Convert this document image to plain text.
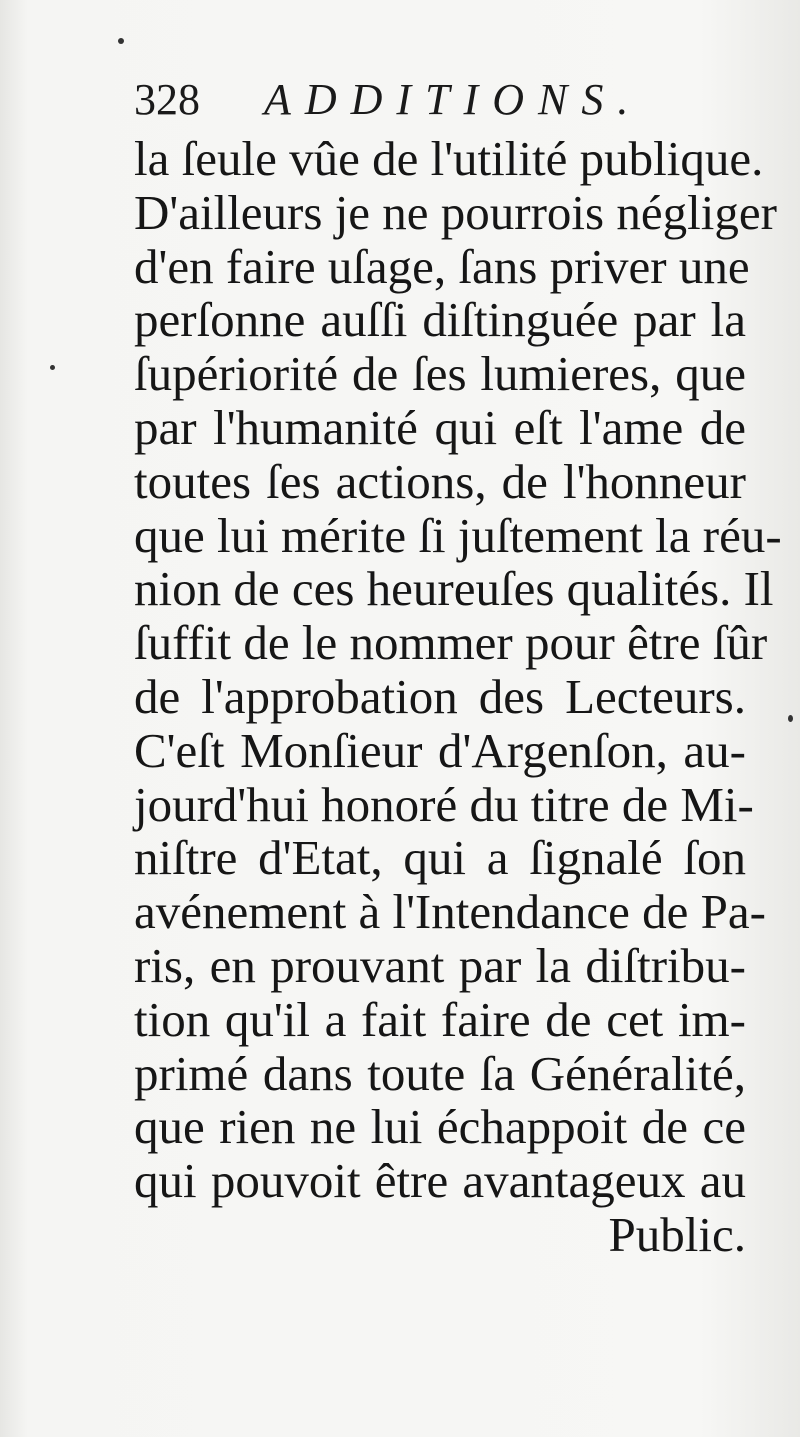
328 ADDITIONS.
la ſeule vûe de l'utilité publique.
D'ailleurs je ne pourrois négliger
d'en faire uſage, ſans priver une
perſonne auſſi diſtinguée par la
ſupériorité de ſes lumieres, que
par l'humanité qui eſt l'ame de
toutes ſes actions, de l'honneur
que lui mérite ſi juſtement la réu-
nion de ces heureuſes qualités. Il
ſuffit de le nommer pour être ſûr
de l'approbation des Lecteurs.
C'eſt Monſieur d'Argenſon, au-
jourd'hui honoré du titre de Mi-
niſtre d'Etat, qui a ſignalé ſon
avénement à l'Intendance de Pa-
ris, en prouvant par la diſtribu-
tion qu'il a fait faire de cet im-
primé dans toute ſa Généralité,
que rien ne lui échappoit de ce
qui pouvoit être avantageux au
Public.
